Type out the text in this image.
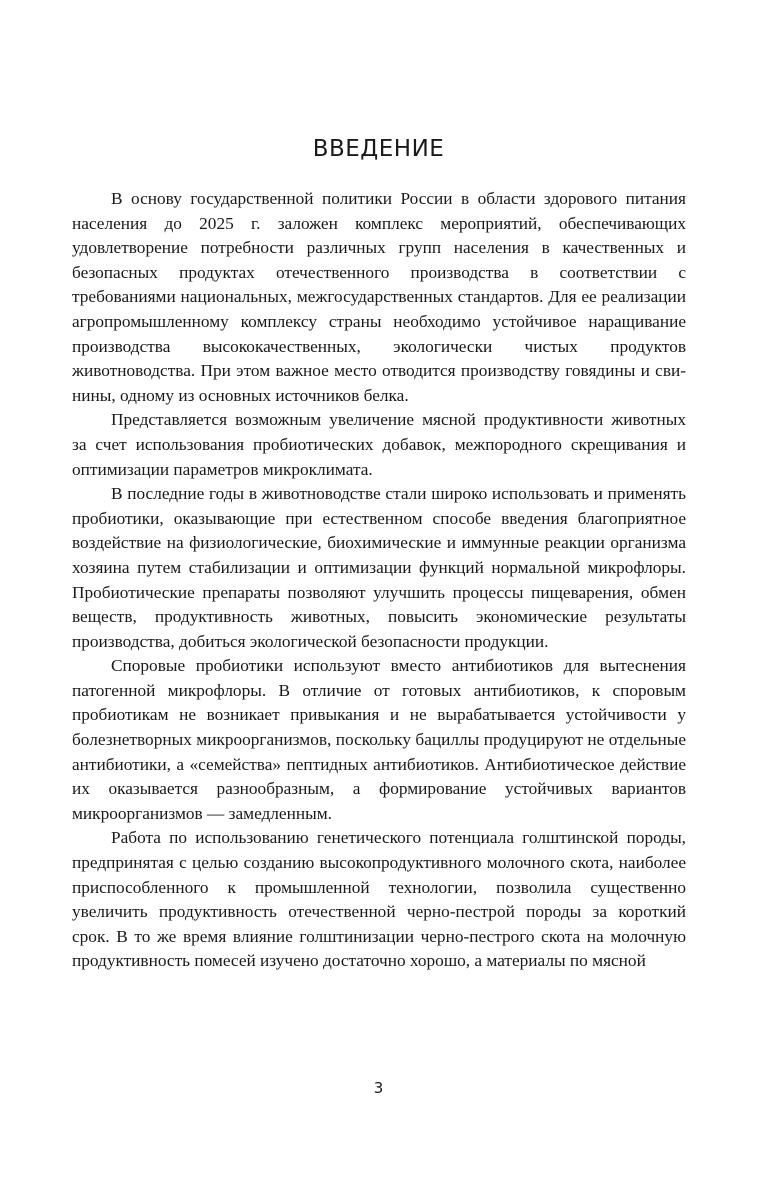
ВВЕДЕНИЕ

В основу государственной политики России в области здорового питания населения до 2025 г. заложен комплекс мероприятий, обеспечивающих удовлетворение потребности различных групп населения в качественных и безопасных продуктах отечественного производства в соответствии с требованиями национальных, межгосударственных стандартов. Для ее реализации агропромышленному комплексу страны необходимо устойчивое наращивание производства высококачественных, экологически чистых продуктов животноводства. При этом важное место отводится производству говядины и свинины, одному из основных источников белка.

Представляется возможным увеличение мясной продуктивности животных за счет использования пробиотических добавок, межпородного скрещивания и оптимизации параметров микроклимата.

В последние годы в животноводстве стали широко использовать и применять пробиотики, оказывающие при естественном способе введения благоприятное воздействие на физиологические, биохимические и иммунные реакции организма хозяина путем стабилизации и оптимизации функций нормальной микрофлоры. Пробиотические препараты позволяют улучшить процессы пищеварения, обмен веществ, продуктивность животных, повысить экономические результаты производства, добиться экологической безопасности продукции.

Споровые пробиотики используют вместо антибиотиков для вытеснения патогенной микрофлоры. В отличие от готовых антибиотиков, к споровым пробиотикам не возникает привыкания и не вырабатывается устойчивости у болезнетворных микроорганизмов, поскольку бациллы продуцируют не отдельные антибиотики, а «семейства» пептидных антибиотиков. Антибиотическое действие их оказывается разнообразным, а формирование устойчивых вариантов микроорганизмов — замедленным.

Работа по использованию генетического потенциала голштинской породы, предпринятая с целью созданию высокопродуктивного молочного скота, наиболее приспособленного к промышленной технологии, позволила существенно увеличить продуктивность отечественной черно-пестрой породы за короткий срок. В то же время влияние голштинизации черно-пестрого скота на молочную продуктивность помесей изучено достаточно хорошо, а материалы по мясной

3
